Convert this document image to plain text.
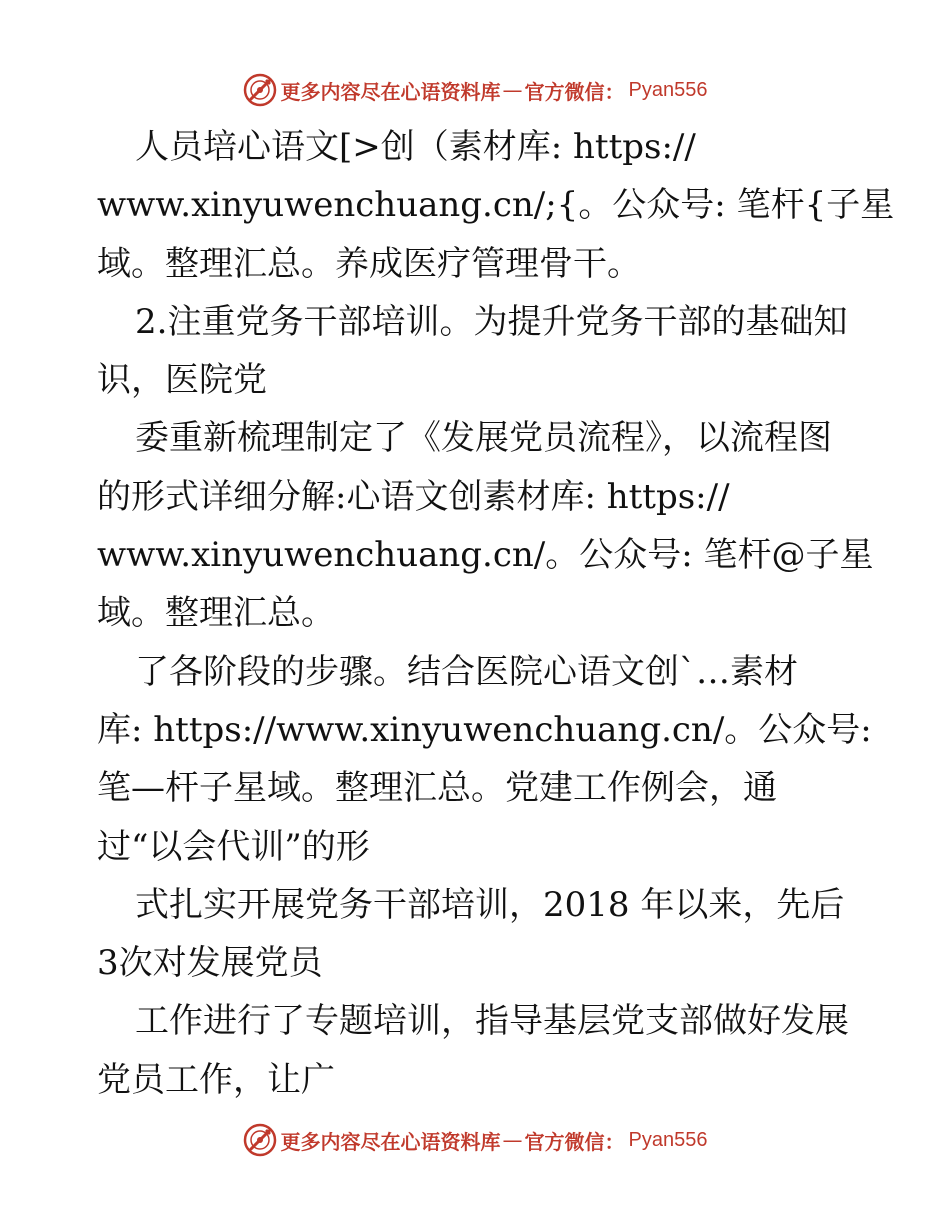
更多内容尽在心语资料库 — 官方微信： Pyan556
人员培心语文[>创（素材库: https://
www.xinyuwenchuang.cn/;{。公众号: 笔杆{子星
域。整理汇总。养成医疗管理骨干。
2.注重党务干部培训。为提升党务干部的基础知
识，医院党
委重新梳理制定了《发展党员流程》，以流程图
的形式详细分解:心语文创素材库: https://
www.xinyuwenchuang.cn/。公众号: 笔杆@子星
域。整理汇总。
了各阶段的步骤。结合医院心语文创`…素材
库: https://www.xinyuwenchuang.cn/。公众号:
笔—杆子星域。整理汇总。党建工作例会，通
过“以会代训”的形
式扎实开展党务干部培训，2018 年以来，先后
3次对发展党员
工作进行了专题培训，指导基层党支部做好发展
党员工作，让广
更多内容尽在心语资料库 — 官方微信： Pyan556
